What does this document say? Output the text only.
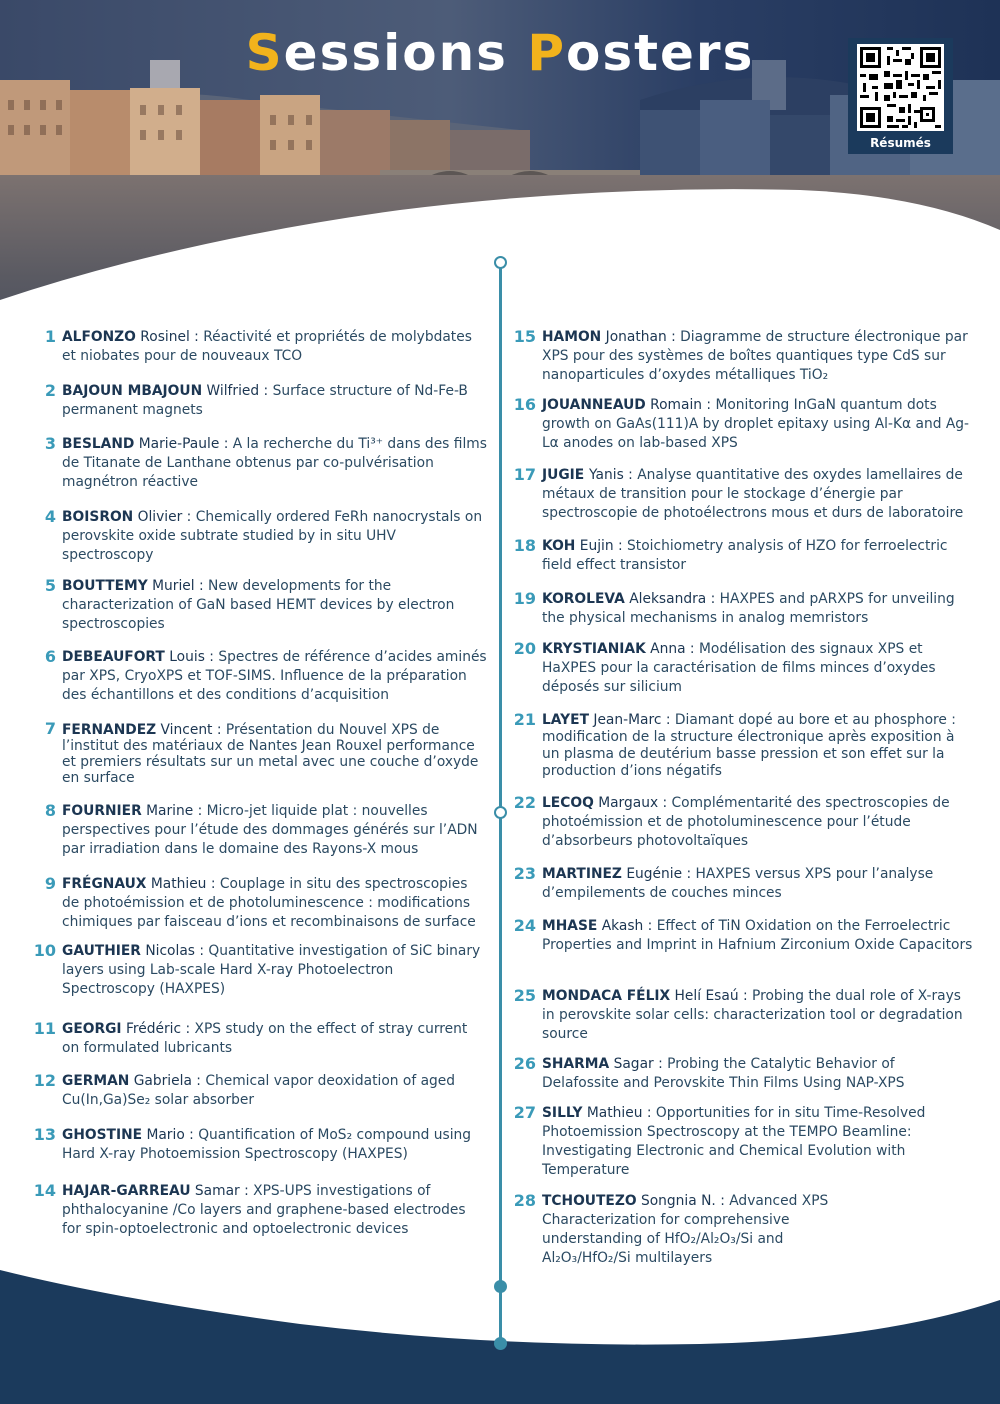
Sessions Posters
Résumés
1 ALFONZO Rosinel : Réactivité et propriétés de molybdates et niobates pour de nouveaux TCO
2 BAJOUN MBAJOUN Wilfried : Surface structure of Nd-Fe-B permanent magnets
3 BESLAND Marie-Paule : A la recherche du Ti³⁺ dans des films de Titanate de Lanthane obtenus par co-pulvérisation magnétron réactive
4 BOISRON Olivier : Chemically ordered FeRh nanocrystals on perovskite oxide subtrate studied by in situ UHV spectroscopy
5 BOUTTEMY Muriel : New developments for the characterization of GaN based HEMT devices by electron spectroscopies
6 DEBEAUFORT Louis : Spectres de référence d’acides aminés par XPS, CryoXPS et TOF-SIMS. Influence de la préparation des échantillons et des conditions d’acquisition
7 FERNANDEZ Vincent : Présentation du Nouvel XPS de l’institut des matériaux de Nantes Jean Rouxel performance et premiers résultats sur un metal avec une couche d’oxyde en surface
8 FOURNIER Marine : Micro-jet liquide plat : nouvelles perspectives pour l’étude des dommages générés sur l’ADN par irradiation dans le domaine des Rayons-X mous
9 FRÉGNAUX Mathieu : Couplage in situ des spectroscopies de photoémission et de photoluminescence : modifications chimiques par faisceau d’ions et recombinaisons de surface
10 GAUTHIER Nicolas : Quantitative investigation of SiC binary layers using Lab-scale Hard X-ray Photoelectron Spectroscopy (HAXPES)
11 GEORGI Frédéric : XPS study on the effect of stray current on formulated lubricants
12 GERMAN Gabriela : Chemical vapor deoxidation of aged Cu(In,Ga)Se₂ solar absorber
13 GHOSTINE Mario : Quantification of MoS₂ compound using Hard X-ray Photoemission Spectroscopy (HAXPES)
14 HAJAR-GARREAU Samar : XPS-UPS investigations of phthalocyanine /Co layers and graphene-based electrodes for spin-optoelectronic and optoelectronic devices
15 HAMON Jonathan : Diagramme de structure électronique par XPS pour des systèmes de boîtes quantiques type CdS sur nanoparticules d’oxydes métalliques TiO₂
16 JOUANNEAUD Romain : Monitoring InGaN quantum dots growth on GaAs(111)A by droplet epitaxy using Al-Kα and Ag-Lα anodes on lab-based XPS
17 JUGIE Yanis : Analyse quantitative des oxydes lamellaires de métaux de transition pour le stockage d’énergie par spectroscopie de photoélectrons mous et durs de laboratoire
18 KOH Eujin : Stoichiometry analysis of HZO for ferroelectric field effect transistor
19 KOROLEVA Aleksandra : HAXPES and pARXPS for unveiling the physical mechanisms in analog memristors
20 KRYSTIANIAK Anna : Modélisation des signaux XPS et HaXPES pour la caractérisation de films minces d’oxydes déposés sur silicium
21 LAYET Jean-Marc : Diamant dopé au bore et au phosphore : modification de la structure électronique après exposition à un plasma de deutérium basse pression et son effet sur la production d’ions négatifs
22 LECOQ Margaux : Complémentarité des spectroscopies de photoémission et de photoluminescence pour l’étude d’absorbeurs photovoltaïques
23 MARTINEZ Eugénie : HAXPES versus XPS pour l’analyse d’empilements de couches minces
24 MHASE Akash : Effect of TiN Oxidation on the Ferroelectric Properties and Imprint in Hafnium Zirconium Oxide Capacitors
25 MONDACA FÉLIX Helí Esaú : Probing the dual role of X-rays in perovskite solar cells: characterization tool or degradation source
26 SHARMA Sagar : Probing the Catalytic Behavior of Delafossite and Perovskite Thin Films Using NAP-XPS
27 SILLY Mathieu : Opportunities for in situ Time-Resolved Photoemission Spectroscopy at the TEMPO Beamline: Investigating Electronic and Chemical Evolution with Temperature
28 TCHOUTEZO Songnia N. : Advanced XPS Characterization for comprehensive understanding of HfO₂/Al₂O₃/Si and Al₂O₃/HfO₂/Si multilayers
